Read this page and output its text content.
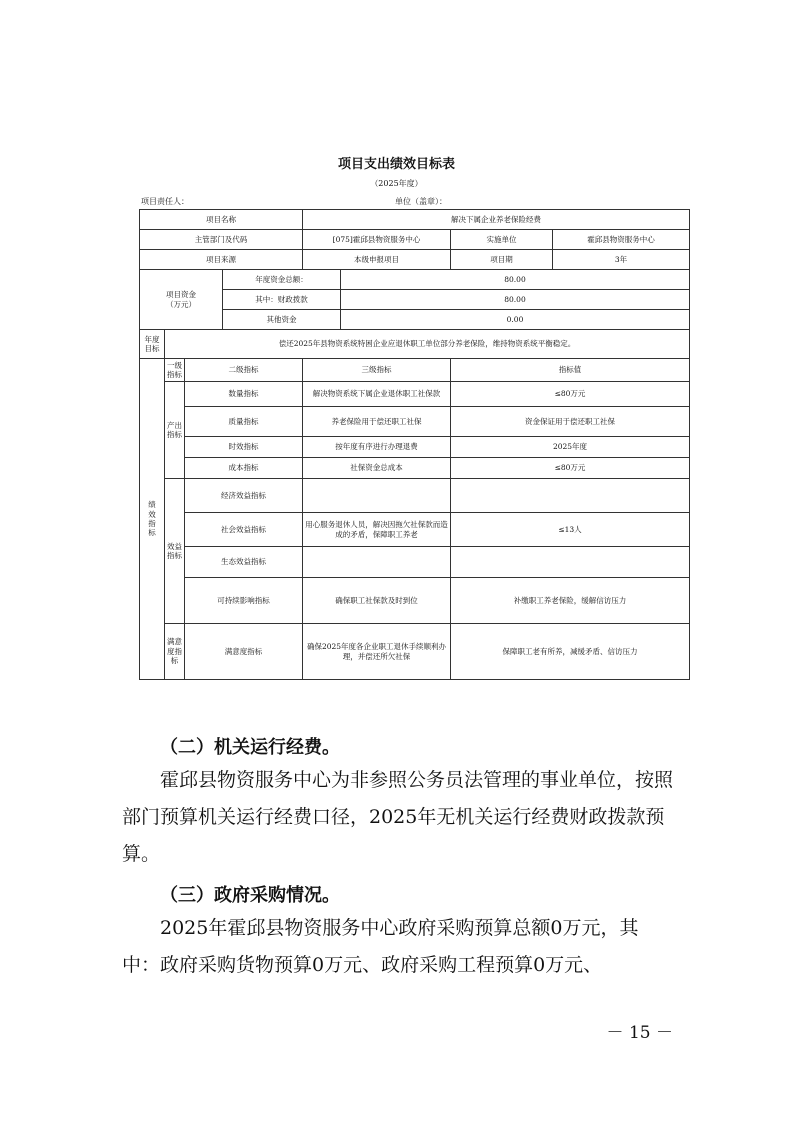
项目支出绩效目标表
（2025年度）
项目责任人：	单位（盖章）：
项目名称				解决下属企业养老保险经费			
主管部门及代码				[075]霍邱县物资服务中心		实施单位	霍邱县物资服务中心
项目来源				本级申报项目		项目期	3年
项目资金（万元）			年度资金总额：		80.00		
			其中：财政拨款		80.00		
			其他资金		0.00		
年度目标	偿还2025年县物资系统特困企业应退休职工单位部分养老保险，维持物资系统平衡稳定。						
绩效指标	一级指标	二级指标		三级指标		指标值	
	产出指标	数量指标		解决物资系统下属企业退休职工社保款		≤80万元	
		质量指标		养老保险用于偿还职工社保		资金保证用于偿还职工社保	
		时效指标		按年度有序进行办理退费		2025年度	
		成本指标		社保资金总成本		≤80万元	
	效益指标	经济效益指标					
		社会效益指标		用心服务退休人员，解决因拖欠社保款而造成的矛盾，保障职工养老		≤13人	
		生态效益指标					
		可持续影响指标		确保职工社保款及时到位		补缴职工养老保险，缓解信访压力	
	满意度指标	满意度指标		确保2025年度各企业职工退休手续顺利办理，并偿还所欠社保		保障职工老有所养，减缓矛盾、信访压力	
（二）机关运行经费。
霍邱县物资服务中心为非参照公务员法管理的事业单位，按照部门预算机关运行经费口径，2025年无机关运行经费财政拨款预算。
（三）政府采购情况。
2025年霍邱县物资服务中心政府采购预算总额0万元，其中：政府采购货物预算0万元、政府采购工程预算0万元、
－ 15 －
